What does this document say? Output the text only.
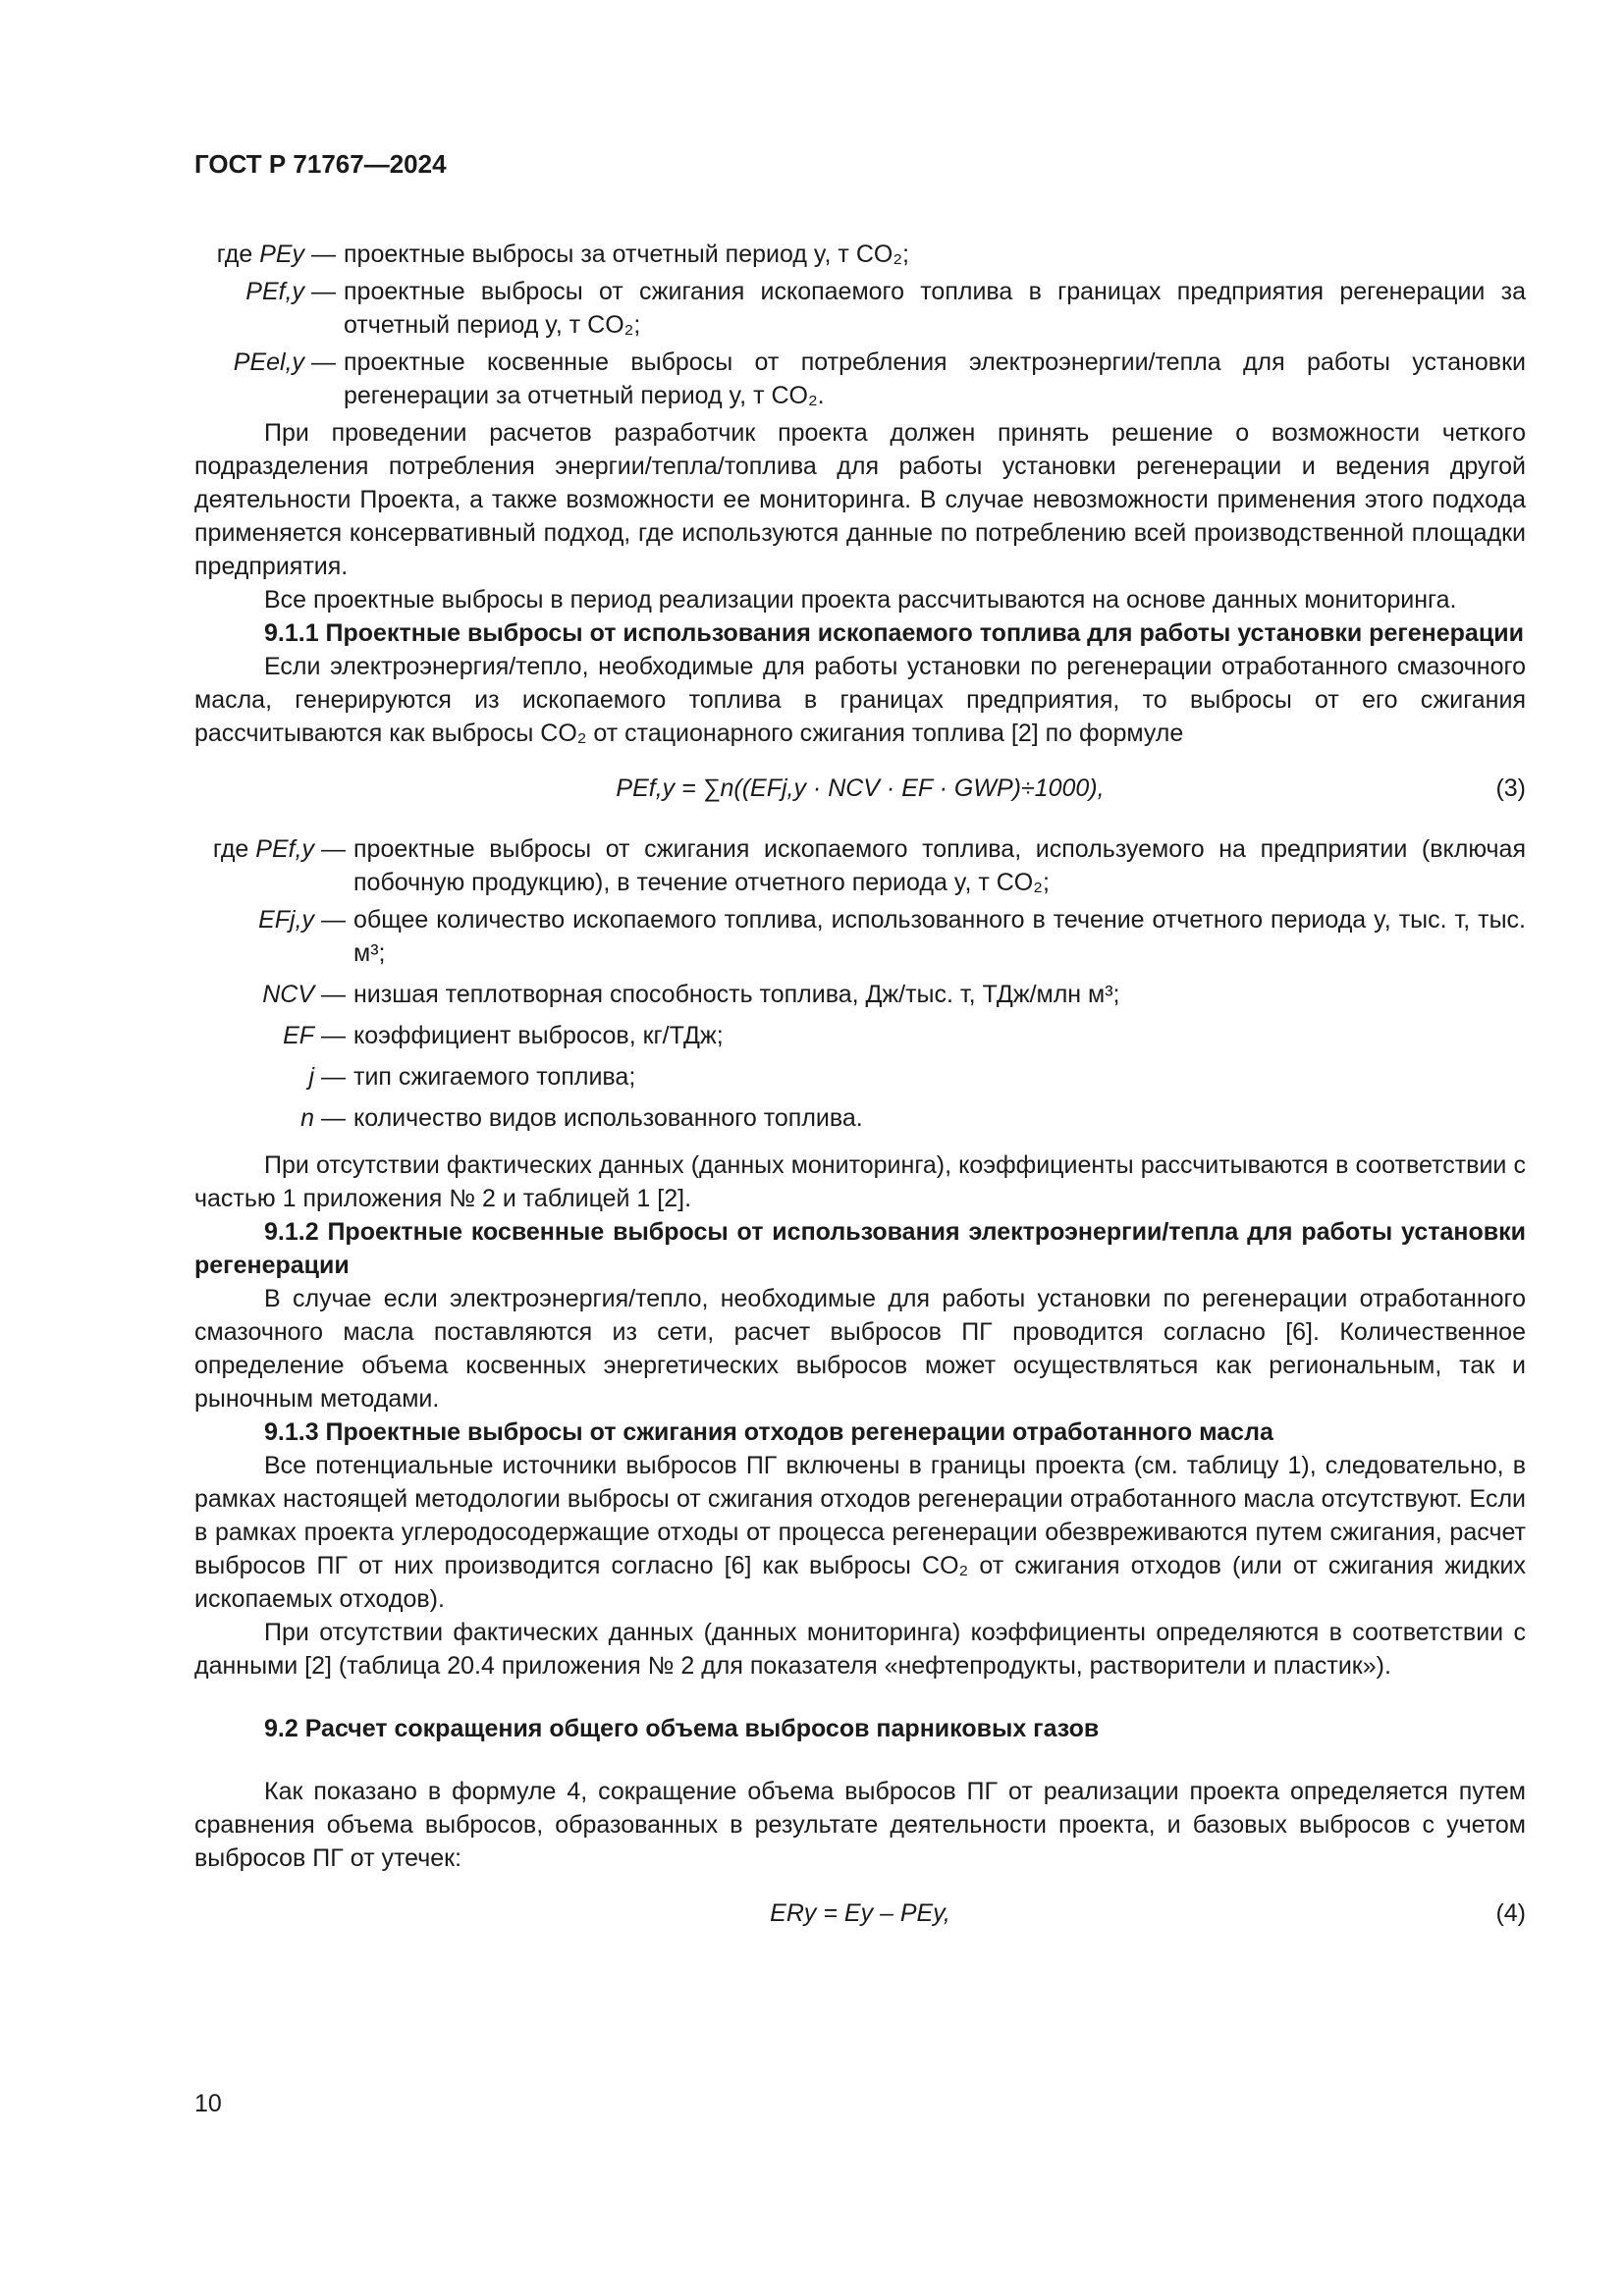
ГОСТ Р 71767—2024
где PEy — проектные выбросы за отчетный период y, т CO₂;
PEf,y — проектные выбросы от сжигания ископаемого топлива в границах предприятия регенерации за отчетный период y, т CO₂;
PEel,y — проектные косвенные выбросы от потребления электроэнергии/тепла для работы установки регенерации за отчетный период y, т CO₂.

При проведении расчетов разработчик проекта должен принять решение о возможности четкого подразделения потребления энергии/тепла/топлива для работы установки регенерации и ведения другой деятельности Проекта, а также возможности ее мониторинга. В случае невозможности применения этого подхода применяется консервативный подход, где используются данные по потреблению всей производственной площадки предприятия.

Все проектные выбросы в период реализации проекта рассчитываются на основе данных мониторинга.

9.1.1 Проектные выбросы от использования ископаемого топлива для работы установки регенерации

Если электроэнергия/тепло, необходимые для работы установки по регенерации отработанного смазочного масла, генерируются из ископаемого топлива в границах предприятия, то выбросы от его сжигания рассчитываются как выбросы CO₂ от стационарного сжигания топлива [2] по формуле

PEf,y = ∑n((EFj,y · NCV · EF · GWP)÷1000),	(3)
где PEf,y — проектные выбросы от сжигания ископаемого топлива, используемого на предприятии (включая побочную продукцию), в течение отчетного периода y, т CO₂;
EFj,y — общее количество ископаемого топлива, использованного в течение отчетного периода y, тыс. т, тыс. м³;
NCV — низшая теплотворная способность топлива, Дж/тыс. т, ТДж/млн м³;
EF — коэффициент выбросов, кг/ТДж;
j — тип сжигаемого топлива;
n — количество видов использованного топлива.

При отсутствии фактических данных (данных мониторинга), коэффициенты рассчитываются в соответствии с частью 1 приложения № 2 и таблицей 1 [2].

9.1.2 Проектные косвенные выбросы от использования электроэнергии/тепла для работы установки регенерации

В случае если электроэнергия/тепло, необходимые для работы установки по регенерации отработанного смазочного масла поставляются из сети, расчет выбросов ПГ проводится согласно [6]. Количественное определение объема косвенных энергетических выбросов может осуществляться как региональным, так и рыночным методами.

9.1.3 Проектные выбросы от сжигания отходов регенерации отработанного масла

Все потенциальные источники выбросов ПГ включены в границы проекта (см. таблицу 1), следовательно, в рамках настоящей методологии выбросы от сжигания отходов регенерации отработанного масла отсутствуют. Если в рамках проекта углеродосодержащие отходы от процесса регенерации обезвреживаются путем сжигания, расчет выбросов ПГ от них производится согласно [6] как выбросы CO₂ от сжигания отходов (или от сжигания жидких ископаемых отходов).

При отсутствии фактических данных (данных мониторинга) коэффициенты определяются в соответствии с данными [2] (таблица 20.4 приложения № 2 для показателя «нефтепродукты, растворители и пластик»).

9.2 Расчет сокращения общего объема выбросов парниковых газов

Как показано в формуле 4, сокращение объема выбросов ПГ от реализации проекта определяется путем сравнения объема выбросов, образованных в результате деятельности проекта, и базовых выбросов с учетом выбросов ПГ от утечек:

ERy = Ey – PEy,	(4)
10
